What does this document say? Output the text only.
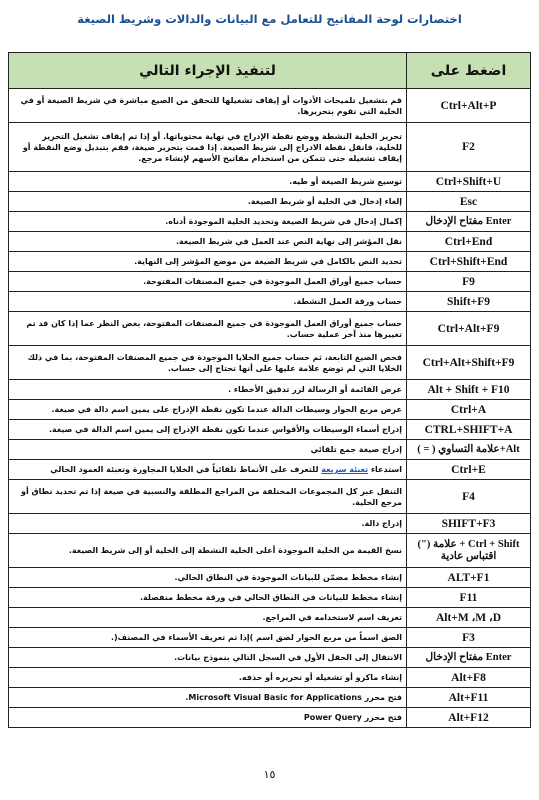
اختصارات لوحة المفاتيح للتعامل مع البيانات والدالات وشريط الصيغة
لتنفيذ الإجراء التالي	اضغط على
قم بتشغيل تلميحات الأدوات أو إيقاف تشغيلها للتحقق من الصيغ مباشرة في شريط الصيغة أو في الخلية التي تقوم بتحريرها.	Ctrl+Alt+P
تحرير الخلية النشطة ووضع نقطة الإدراج في نهاية محتوياتها. أو إذا تم إيقاف تشغيل التحرير للخلية، فانقل نقطة الادراج إلى شريط الصيغة. إذا قمت بتحرير صيغة، فقم بتبديل وضع النقطة أو إيقاف تشغيله حتى تتمكن من استخدام مفاتيح الأسهم لإنشاء مرجع.	F2
توسيع شريط الصيغة أو طيه.	Ctrl+Shift+U
إلغاء إدخال في الخلية أو شريط الصيغة.	Esc
إكمال إدخال في شريط الصيغة وتحديد الخلية الموجودة أدناه.	Enter مفتاح الإدخال
نقل المؤشر إلى نهاية النص عند العمل في شريط الصيغة.	Ctrl+End
تحديد النص بالكامل في شريط الصيغة من موضع المؤشر إلى النهاية.	Ctrl+Shift+End
حساب جميع أوراق العمل الموجودة في جميع المصنفات المفتوحة.	F9
حساب ورقة العمل النشطة.	Shift+F9
حساب جميع أوراق العمل الموجودة في جميع المصنفات المفتوحة، بغض النظر عما إذا كان قد تم تغييرها منذ آخر عملية حساب.	Ctrl+Alt+F9
فحص الصيغ التابعة، ثم حساب جميع الخلايا الموجودة في جميع المصنفات المفتوحة، بما في ذلك الخلايا التي لم توضع علامة عليها على أنها تحتاج إلى حساب.	Ctrl+Alt+Shift+F9
عرض القائمة أو الرسالة لزر تدقيق الأخطاء .	Alt + Shift + F10
عرض مربع الحوار وسيطات الدالة عندما تكون نقطة الإدراج على يمين اسم دالة في صيغة.	Ctrl+A
إدراج أسماء الوسيطات والأقواس عندما تكون نقطة الإدراج إلى يمين اسم الدالة في صيغة.	CTRL+SHIFT+A
إدراج صيغة جمع تلقائي	Alt+علامة التساوي ( = )
استدعاء تعبئة سريعة للتعرف على الأنماط تلقائياً في الخلايا المجاورة وتعبئة العمود الحالي	Ctrl+E
التنقل عبر كل المجموعات المختلفة من المراجع المطلقة والنسبية في صيغة إذا تم تحديد نطاق أو مرجع الخلية.	F4
إدراج دالة.	SHIFT+F3
نسخ القيمة من الخلية الموجودة أعلى الخلية النشطة إلى الخلية أو إلى شريط الصيغة.	Ctrl + Shift + علامة (") اقتباس عادية
إنشاء مخطط مضمّن للبيانات الموجودة في النطاق الحالي.	ALT+F1
إنشاء مخطط للبيانات في النطاق الحالي في ورقة مخطط منفصلة.	F11
تعريف اسم لاستخدامه في المراجع.	Alt+M ،M ،D
الصق اسماً من مربع الحوار لصق اسم )إذا تم تعريف الأسماء في المصنف(.	F3
الانتقال إلى الحقل الأول في السجل التالي بنموذج بيانات.	Enter مفتاح الإدخال
إنشاء ماكرو أو تشغيله أو تحريره أو حذفه.	Alt+F8
فتح محرر Microsoft Visual Basic for Applications.	Alt+F11
فتح محرر Power Query	Alt+F12
١٥
